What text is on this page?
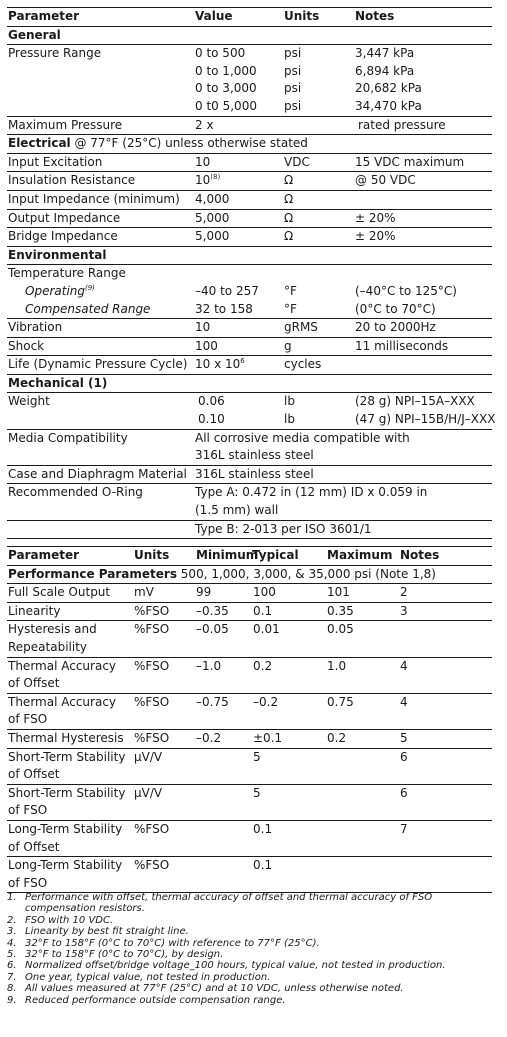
Parameter	Value	Units	Notes
General			
Pressure Range	0 to 500	psi	3,447 kPa
	0 to 1,000	psi	6,894 kPa
	0 to 3,000	psi	20,682 kPa
	0 t0 5,000	psi	34,470 kPa
Maximum Pressure	2 x		rated pressure
Electrical @ 77°F (25°C) unless otherwise stated			
Input Excitation	10	VDC	15 VDC maximum
Insulation Resistance	10$^{(8)}$	Ω	@ 50 VDC
Input Impedance (minimum)	4,000	Ω	
Output Impedance	5,000	Ω	± 20%
Bridge Impedance	5,000	Ω	± 20%
Environmental			
Temperature Range			
Operating$^{(9)}$	–40 to 257	°F	(–40°C to 125°C)
Compensated Range	32 to 158	°F	(0°C to 70°C)
Vibration	10	gRMS	20 to 2000Hz
Shock	100	g	11 milliseconds
Life (Dynamic Pressure Cycle)	10 x $10^6$	cycles	
Mechanical (1)			
Weight	0.06	lb	(28 g) NPI–15A–XXX
	0.10	lb	(47 g) NPI–15B/H/J–XXX
Media Compatibility	All corrosive media compatible with		
	316L stainless steel		
Case and Diaphragm Material	316L stainless steel		
Recommended O-Ring	Type A: 0.472 in (12 mm) ID x 0.059 in		
	(1.5 mm) wall		
	Type B: 2-013 per ISO 3601/1		
Parameter	Units	Minimum	Typical	Maximum	Notes
Performance Parameters 500, 1,000, 3,000, & 35,000 psi (Note 1,8)					

Full Scale Output	mV	99	100	101	2

Linearity	%FSO	–0.35	0.1	0.35	3

Hysteresis and
Repeatability	%FSO	–0.05	0.01	0.05	

Thermal Accuracy
of Offset	%FSO	–1.0	0.2	1.0	4

Thermal Accuracy
of FSO	%FSO	–0.75	–0.2	0.75	4

Thermal Hysteresis	%FSO	–0.2	±0.1	0.2	5

Short-Term Stability
of Offset	μV/V		5		6

Short-Term Stability
of FSO	μV/V		5		6

Long-Term Stability
of Offset	%FSO		0.1		7

Long-Term Stability
of FSO	%FSO		0.1		
1. Performance with offset, thermal accuracy of offset and thermal accuracy of FSO compensation resistors.
2. FSO with 10 VDC.
3. Linearity by best fit straight line.
4. 32°F to 158°F (0°C to 70°C) with reference to 77°F (25°C).
5. 32°F to 158°F (0°C to 70°C), by design.
6. Normalized offset/bridge voltage_100 hours, typical value, not tested in production.
7. One year, typical value, not tested in production.
8. All values measured at 77°F (25°C) and at 10 VDC, unless otherwise noted.
9. Reduced performance outside compensation range.
